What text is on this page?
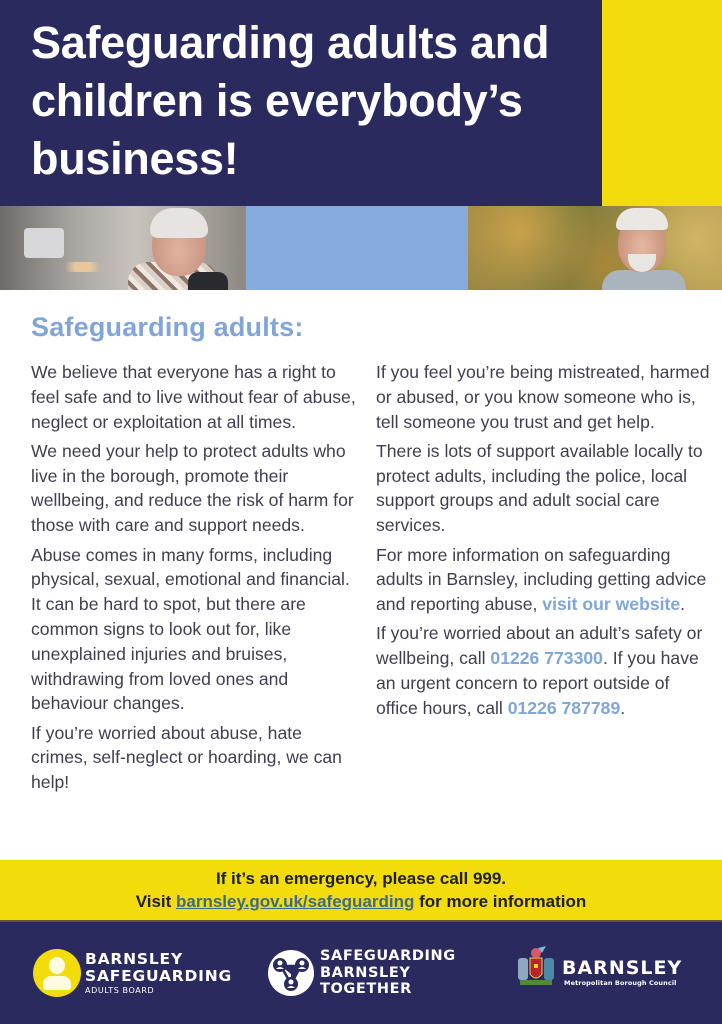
Safeguarding adults and children is everybody’s business!
Safeguarding adults:

We believe that everyone has a right to feel safe and to live without fear of abuse, neglect or exploitation at all times.

We need your help to protect adults who live in the borough, promote their wellbeing, and reduce the risk of harm for those with care and support needs.

Abuse comes in many forms, including physical, sexual, emotional and financial. It can be hard to spot, but there are common signs to look out for, like unexplained injuries and bruises, withdrawing from loved ones and behaviour changes.

If you’re worried about abuse, hate crimes, self-neglect or hoarding, we can help!

If you feel you’re being mistreated, harmed or abused, or you know someone who is, tell someone you trust and get help.

There is lots of support available locally to protect adults, including the police, local support groups and adult social care services.

For more information on safeguarding adults in Barnsley, including getting advice and reporting abuse, visit our website.

If you’re worried about an adult’s safety or wellbeing, call 01226 773300. If you have an urgent concern to report outside of office hours, call 01226 787789.

If it’s an emergency, please call 999.
Visit barnsley.gov.uk/safeguarding for more information
BARNSLEY
SAFEGUARDING
ADULTS BOARD
SAFEGUARDING
BARNSLEY
TOGETHER
BARNSLEY
Metropolitan Borough Council
